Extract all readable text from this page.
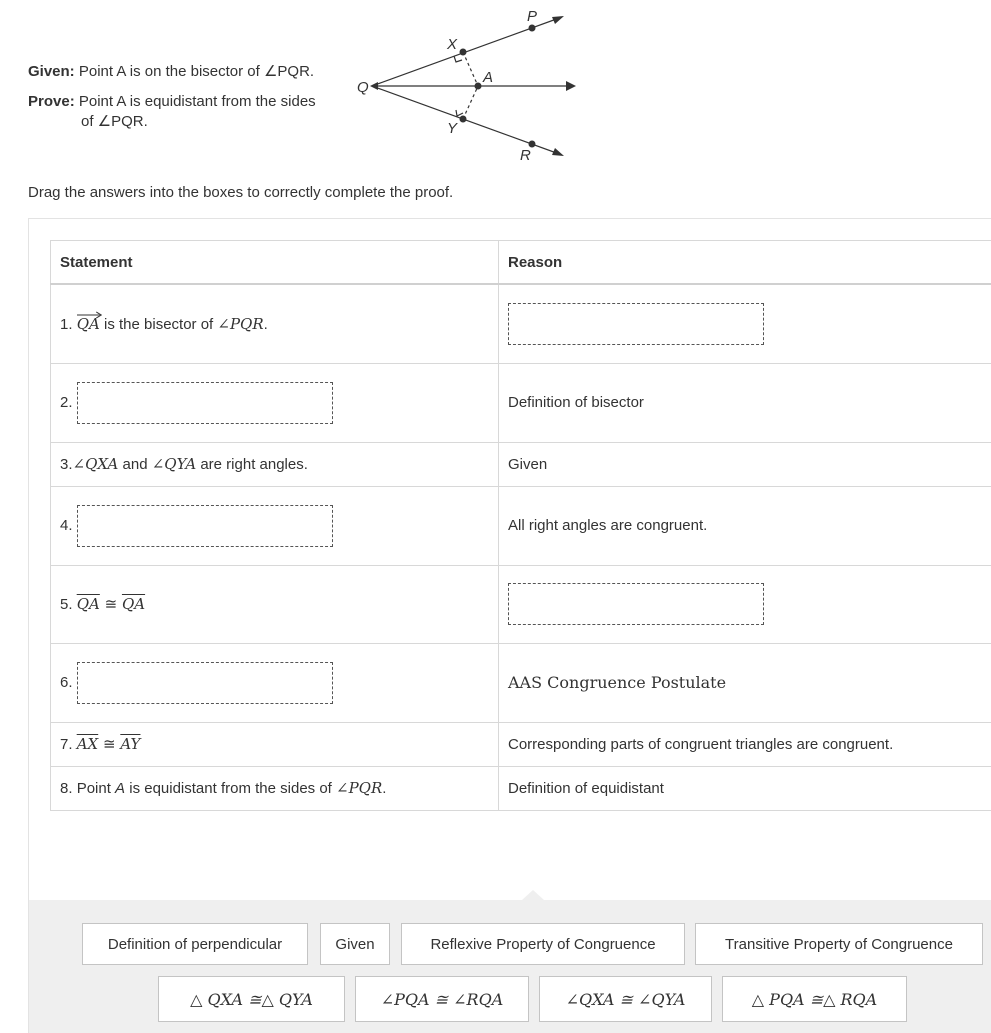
Given: Point A is on the bisector of ∠PQR.
Prove: Point A is equidistant from the sides
of ∠PQR.
P
X
A
Q
Y
R
Drag the answers into the boxes to correctly complete the proof.
Statement	Reason
1. QA is the bisector of ∠PQR.	
2.	Definition of bisector
3.∠QXA and ∠QYA are right angles.	Given
4.	All right angles are congruent.
5. $\overline{QA}$ ≅ $\overline{QA}$	
6.	AAS Congruence Postulate
7. $\overline{AX}$ ≅ $\overline{AY}$	Corresponding parts of congruent triangles are congruent.
8. Point A is equidistant from the sides of ∠PQR.	Definition of equidistant
Definition of perpendicular	Given	Reflexive Property of Congruence	Transitive Property of Congruence
△ QXA ≅△ QYA	∠PQA ≅ ∠RQA	∠QXA ≅ ∠QYA	△ PQA ≅△ RQA
